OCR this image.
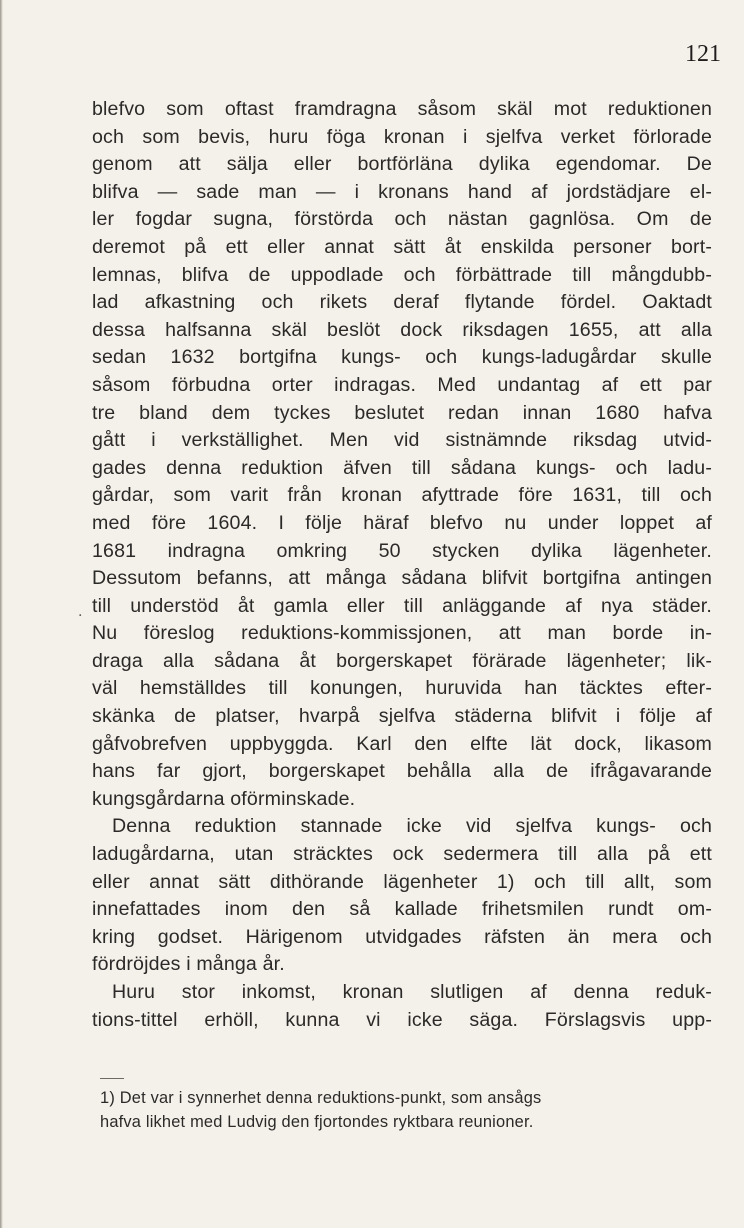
121
.
blefvo som oftast framdragna såsom skäl mot reduktionen
och som bevis, huru föga kronan i sjelfva verket förlorade
genom att sälja eller bortförläna dylika egendomar. De
blifva — sade man — i kronans hand af jordstädjare el-
ler fogdar sugna, förstörda och nästan gagnlösa. Om de
deremot på ett eller annat sätt åt enskilda personer bort-
lemnas, blifva de uppodlade och förbättrade till mångdubb-
lad afkastning och rikets deraf flytande fördel. Oaktadt
dessa halfsanna skäl beslöt dock riksdagen 1655, att alla
sedan 1632 bortgifna kungs- och kungs-ladugårdar skulle
såsom förbudna orter indragas. Med undantag af ett par
tre bland dem tyckes beslutet redan innan 1680 hafva
gått i verkställighet. Men vid sistnämnde riksdag utvid-
gades denna reduktion äfven till sådana kungs- och ladu-
gårdar, som varit från kronan afyttrade före 1631, till och
med före 1604. I följe häraf blefvo nu under loppet af
1681 indragna omkring 50 stycken dylika lägenheter.
Dessutom befanns, att många sådana blifvit bortgifna antingen
till understöd åt gamla eller till anläggande af nya städer.
Nu föreslog reduktions-kommissjonen, att man borde in-
draga alla sådana åt borgerskapet förärade lägenheter; lik-
väl hemställdes till konungen, huruvida han täcktes efter-
skänka de platser, hvarpå sjelfva städerna blifvit i följe af
gåfvobrefven uppbyggda. Karl den elfte lät dock, likasom
hans far gjort, borgerskapet behålla alla de ifrågavarande
kungsgårdarna oförminskade.
Denna reduktion stannade icke vid sjelfva kungs- och
ladugårdarna, utan sträcktes ock sedermera till alla på ett
eller annat sätt dithörande lägenheter 1) och till allt, som
innefattades inom den så kallade frihetsmilen rundt om-
kring godset. Härigenom utvidgades räfsten än mera och
fördröjdes i många år.
Huru stor inkomst, kronan slutligen af denna reduk-
tions-tittel erhöll, kunna vi icke säga. Förslagsvis upp-
1) Det var i synnerhet denna reduktions-punkt, som ansågs
hafva likhet med Ludvig den fjortondes ryktbara reunioner.
